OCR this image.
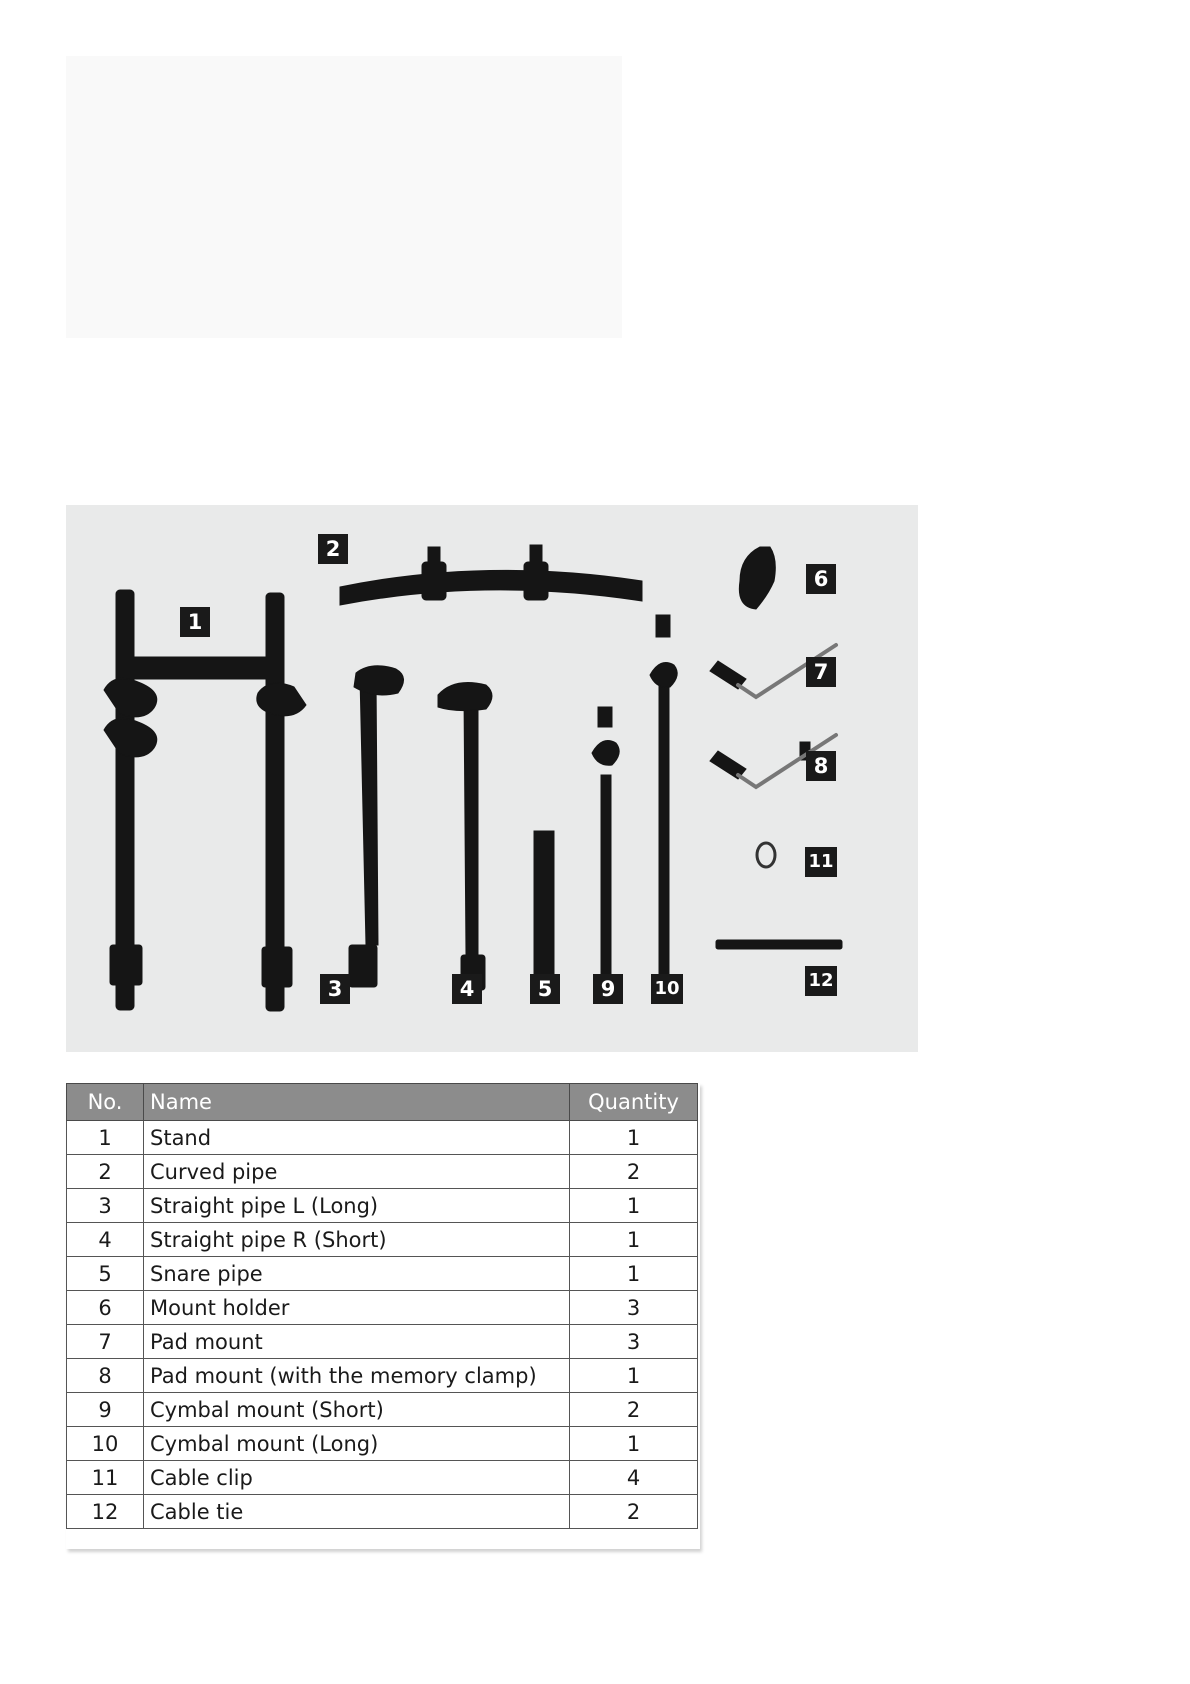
1
2
3	4	5
6
7
8
9	10
11
12
No.	Name	Quantity
1	Stand	1
2	Curved pipe	2
3	Straight pipe L (Long)	1
4	Straight pipe R (Short)	1
5	Snare pipe	1
6	Mount holder	3
7	Pad mount	3
8	Pad mount (with the memory clamp)	1
9	Cymbal mount (Short)	2
10	Cymbal mount (Long)	1
11	Cable clip	4
12	Cable tie	2
